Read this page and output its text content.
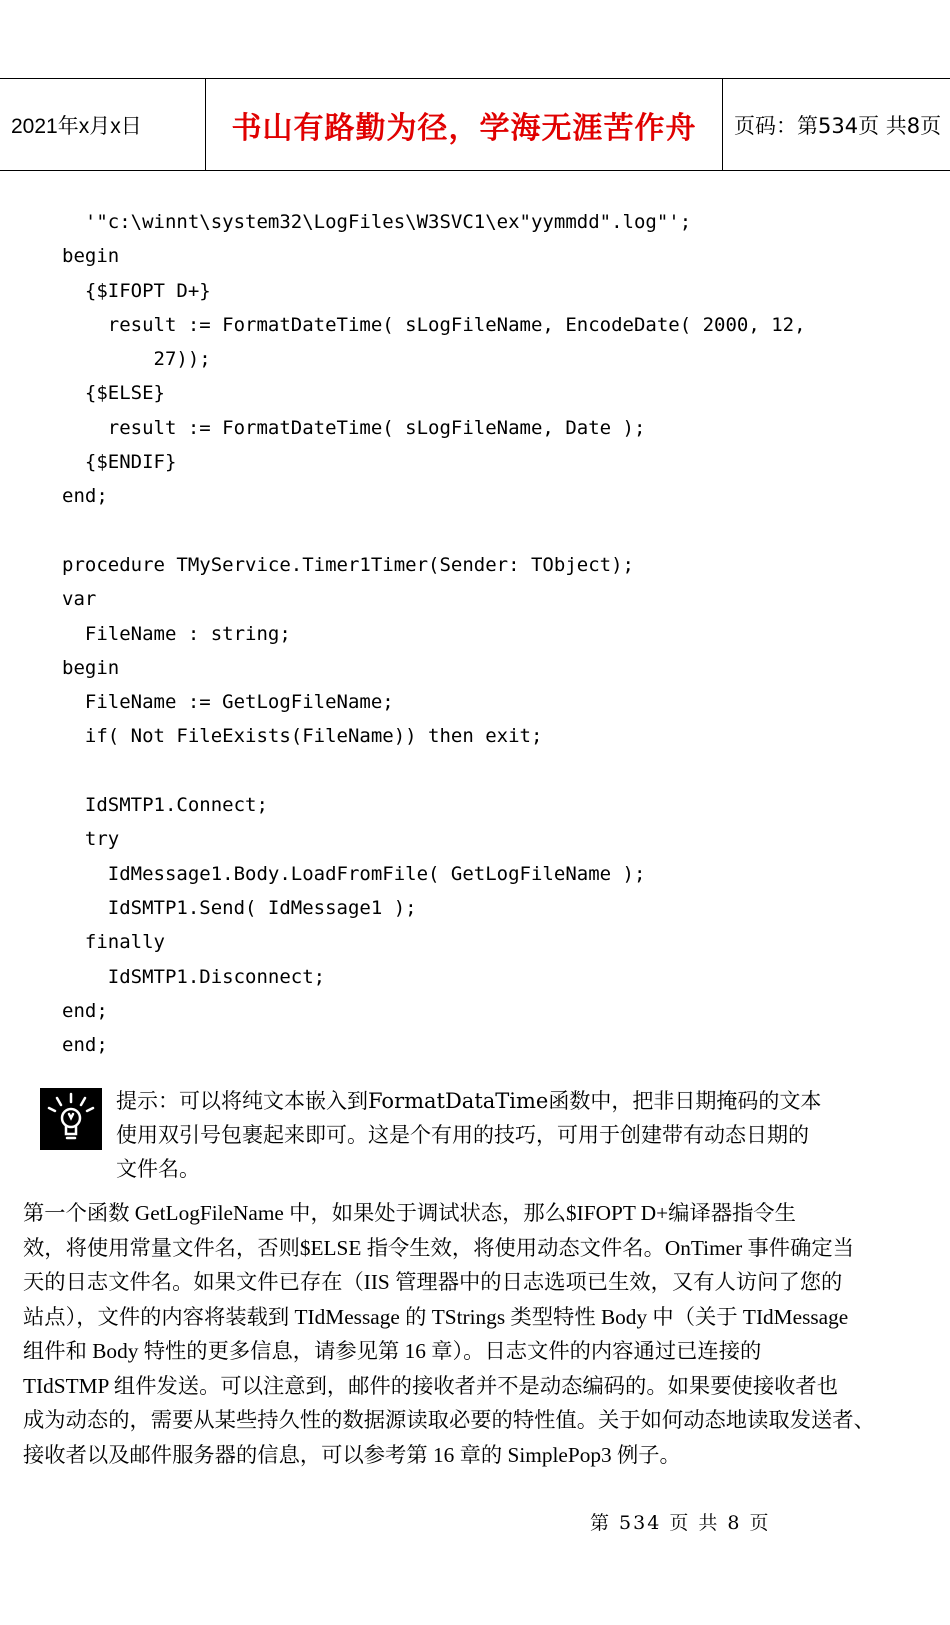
2021年x月x日	书山有路勤为径，学海无涯苦作舟	页码：第534页 共8页
'"c:\winnt\system32\LogFiles\W3SVC1\ex"yymmdd".log"';
begin
{$IFOPT D+}
result := FormatDateTime( sLogFileName, EncodeDate( 2000, 12,
27));
{$ELSE}
result := FormatDateTime( sLogFileName, Date );
{$ENDIF}
end;
procedure TMyService.Timer1Timer(Sender: TObject);
var
FileName : string;
begin
FileName := GetLogFileName;
if( Not FileExists(FileName)) then exit;
IdSMTP1.Connect;
try
IdMessage1.Body.LoadFromFile( GetLogFileName );
IdSMTP1.Send( IdMessage1 );
finally
IdSMTP1.Disconnect;
end;
end;
提示：可以将纯文本嵌入到FormatDataTime函数中，把非日期掩码的文本
使用双引号包裹起来即可。这是个有用的技巧，可用于创建带有动态日期的
文件名。
第一个函数 GetLogFileName 中，如果处于调试状态，那么$IFOPT D+编译器指令生
效，将使用常量文件名，否则$ELSE 指令生效，将使用动态文件名。OnTimer 事件确定当
天的日志文件名。如果文件已存在（IIS 管理器中的日志选项已生效，又有人访问了您的
站点），文件的内容将装载到 TIdMessage 的 TStrings 类型特性 Body 中（关于 TIdMessage
组件和 Body 特性的更多信息，请参见第 16 章）。日志文件的内容通过已连接的
TIdSTMP 组件发送。可以注意到，邮件的接收者并不是动态编码的。如果要使接收者也
成为动态的，需要从某些持久性的数据源读取必要的特性值。关于如何动态地读取发送者、
接收者以及邮件服务器的信息，可以参考第 16 章的 SimplePop3 例子。
第 534 页 共 8 页
